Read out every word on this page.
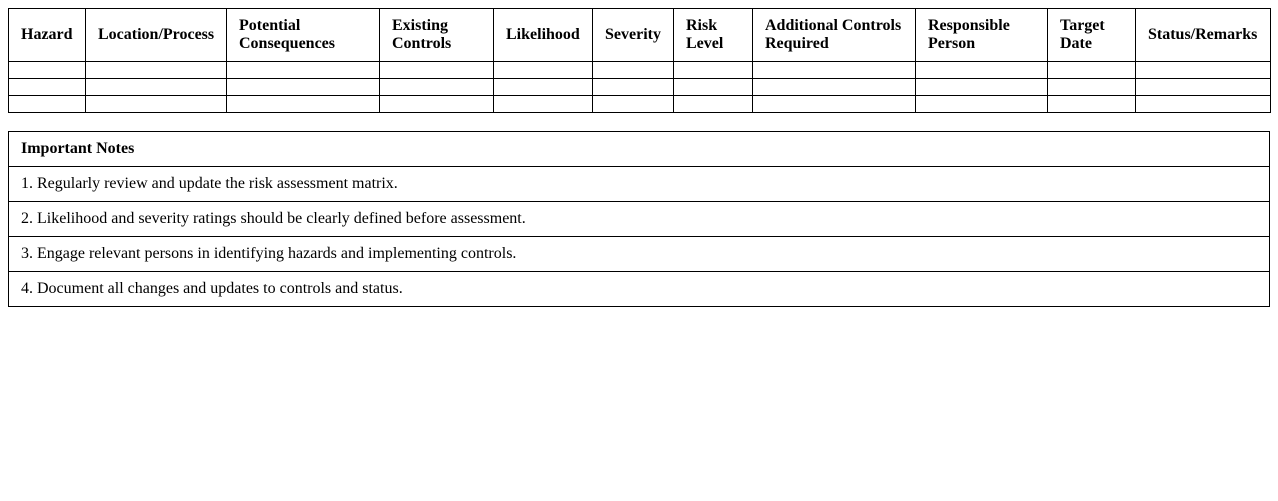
Hazard	Location/Process	Potential Consequences	Existing Controls	Likelihood	Severity	Risk Level	Additional Controls Required	Responsible Person	Target Date	Status/Remarks

Important Notes
1. Regularly review and update the risk assessment matrix.
2. Likelihood and severity ratings should be clearly defined before assessment.
3. Engage relevant persons in identifying hazards and implementing controls.
4. Document all changes and updates to controls and status.
